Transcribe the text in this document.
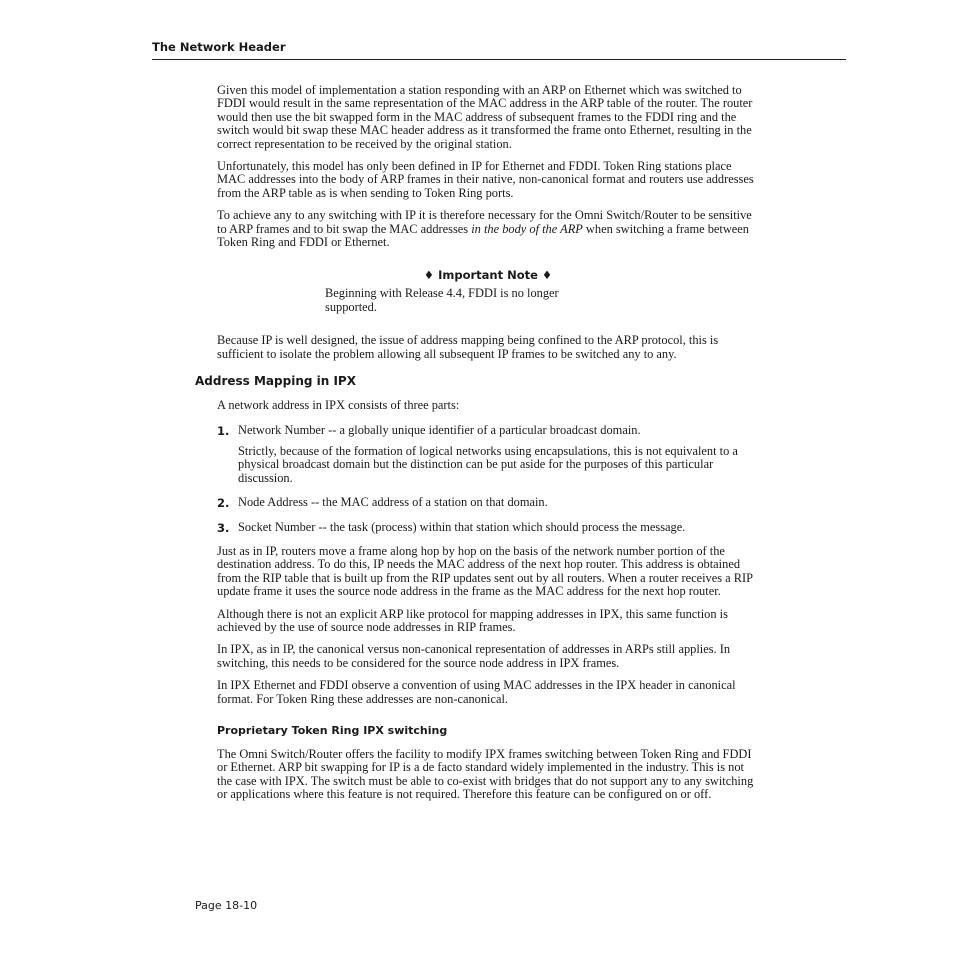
The Network Header

Given this model of implementation a station responding with an ARP on Ethernet which was switched to FDDI would result in the same representation of the MAC address in the ARP table of the router. The router would then use the bit swapped form in the MAC address of subsequent frames to the FDDI ring and the switch would bit swap these MAC header address as it transformed the frame onto Ethernet, resulting in the correct representation to be received by the original station.

Unfortunately, this model has only been defined in IP for Ethernet and FDDI. Token Ring stations place MAC addresses into the body of ARP frames in their native, non-canonical format and routers use addresses from the ARP table as is when sending to Token Ring ports.

To achieve any to any switching with IP it is therefore necessary for the Omni Switch/Router to be sensitive to ARP frames and to bit swap the MAC addresses in the body of the ARP when switching a frame between Token Ring and FDDI or Ethernet.

♦ Important Note ♦

Beginning with Release 4.4, FDDI is no longer supported.

Because IP is well designed, the issue of address mapping being confined to the ARP protocol, this is sufficient to isolate the problem allowing all subsequent IP frames to be switched any to any.

Address Mapping in IPX

A network address in IPX consists of three parts:

1. Network Number -- a globally unique identifier of a particular broadcast domain.

Strictly, because of the formation of logical networks using encapsulations, this is not equivalent to a physical broadcast domain but the distinction can be put aside for the purposes of this particular discussion.

2. Node Address -- the MAC address of a station on that domain.

3. Socket Number -- the task (process) within that station which should process the message.

Just as in IP, routers move a frame along hop by hop on the basis of the network number portion of the destination address. To do this, IP needs the MAC address of the next hop router. This address is obtained from the RIP table that is built up from the RIP updates sent out by all routers. When a router receives a RIP update frame it uses the source node address in the frame as the MAC address for the next hop router.

Although there is not an explicit ARP like protocol for mapping addresses in IPX, this same function is achieved by the use of source node addresses in RIP frames.

In IPX, as in IP, the canonical versus non-canonical representation of addresses in ARPs still applies. In switching, this needs to be considered for the source node address in IPX frames.

In IPX Ethernet and FDDI observe a convention of using MAC addresses in the IPX header in canonical format. For Token Ring these addresses are non-canonical.

Proprietary Token Ring IPX switching

The Omni Switch/Router offers the facility to modify IPX frames switching between Token Ring and FDDI or Ethernet. ARP bit swapping for IP is a de facto standard widely implemented in the industry. This is not the case with IPX. The switch must be able to co-exist with bridges that do not support any to any switching or applications where this feature is not required. Therefore this feature can be configured on or off.

Page 18-10
